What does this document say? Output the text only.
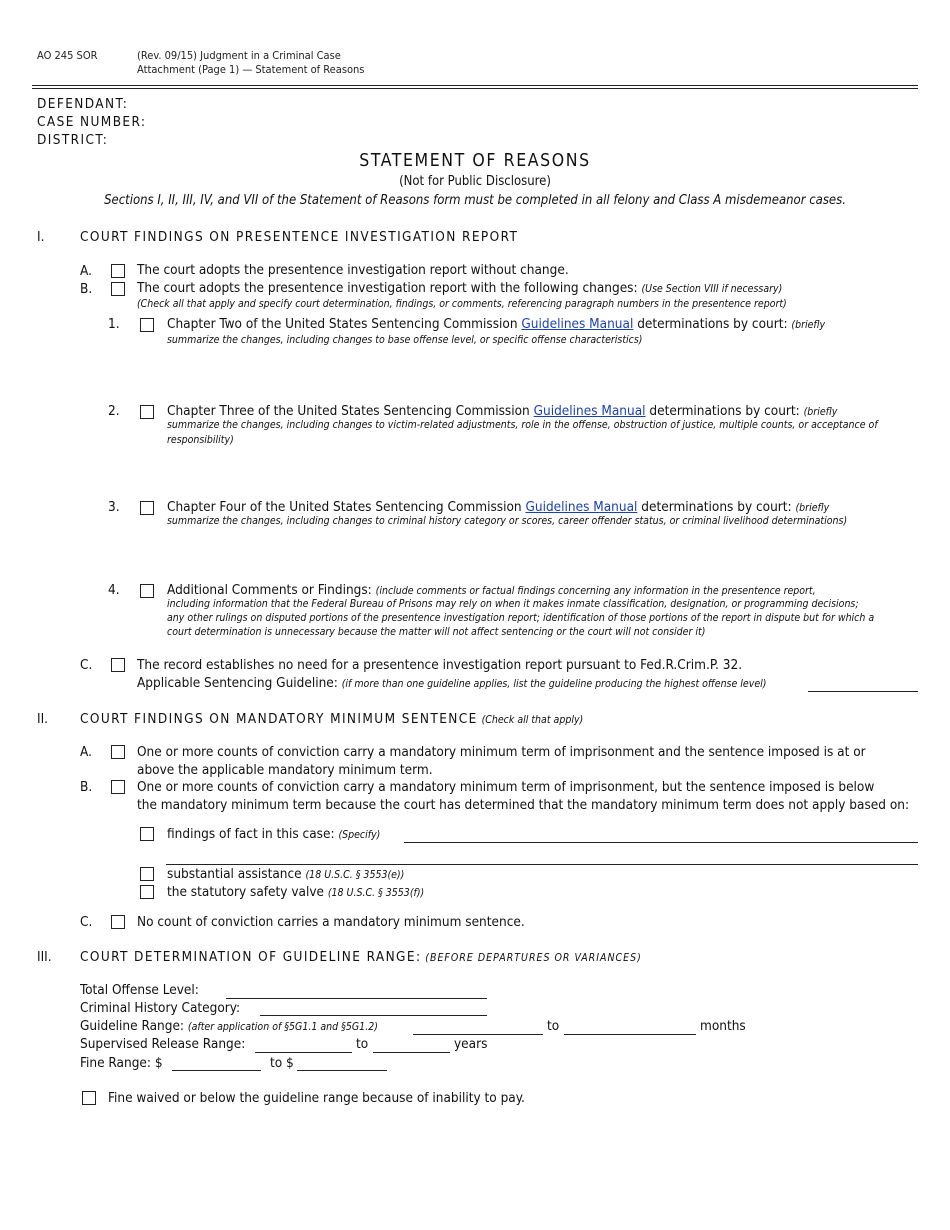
AO 245 SOR	(Rev. 09/15) Judgment in a Criminal Case
Attachment (Page 1) — Statement of Reasons
DEFENDANT:
CASE NUMBER:
DISTRICT:
STATEMENT OF REASONS
(Not for Public Disclosure)
Sections I, II, III, IV, and VII of the Statement of Reasons form must be completed in all felony and Class A misdemeanor cases.
I.	COURT FINDINGS ON PRESENTENCE INVESTIGATION REPORT
A.	The court adopts the presentence investigation report without change.
B.	The court adopts the presentence investigation report with the following changes: (Use Section VIII if necessary)
(Check all that apply and specify court determination, findings, or comments, referencing paragraph numbers in the presentence report)
1.	Chapter Two of the United States Sentencing Commission Guidelines Manual determinations by court: (briefly
summarize the changes, including changes to base offense level, or specific offense characteristics)
2.	Chapter Three of the United States Sentencing Commission Guidelines Manual determinations by court: (briefly
summarize the changes, including changes to victim-related adjustments, role in the offense, obstruction of justice, multiple counts, or acceptance of
responsibility)
3.	Chapter Four of the United States Sentencing Commission Guidelines Manual determinations by court: (briefly
summarize the changes, including changes to criminal history category or scores, career offender status, or criminal livelihood determinations)
4.	Additional Comments or Findings: (include comments or factual findings concerning any information in the presentence report,
including information that the Federal Bureau of Prisons may rely on when it makes inmate classification, designation, or programming decisions;
any other rulings on disputed portions of the presentence investigation report; identification of those portions of the report in dispute but for which a
court determination is unnecessary because the matter will not affect sentencing or the court will not consider it)
C.	The record establishes no need for a presentence investigation report pursuant to Fed.R.Crim.P. 32.
Applicable Sentencing Guideline: (if more than one guideline applies, list the guideline producing the highest offense level)
II. COURT FINDINGS ON MANDATORY MINIMUM SENTENCE (Check all that apply)
A.	One or more counts of conviction carry a mandatory minimum term of imprisonment and the sentence imposed is at or
above the applicable mandatory minimum term.
B.	One or more counts of conviction carry a mandatory minimum term of imprisonment, but the sentence imposed is below
the mandatory minimum term because the court has determined that the mandatory minimum term does not apply based on:
findings of fact in this case: (Specify)
substantial assistance (18 U.S.C. § 3553(e))
the statutory safety valve (18 U.S.C. § 3553(f))
C.	No count of conviction carries a mandatory minimum sentence.
III. COURT DETERMINATION OF GUIDELINE RANGE: (BEFORE DEPARTURES OR VARIANCES)
Total Offense Level:
Criminal History Category:
Guideline Range: (after application of §5G1.1 and §5G1.2)	to	months
Supervised Release Range:	to	years
Fine Range: $	to $
Fine waived or below the guideline range because of inability to pay.
